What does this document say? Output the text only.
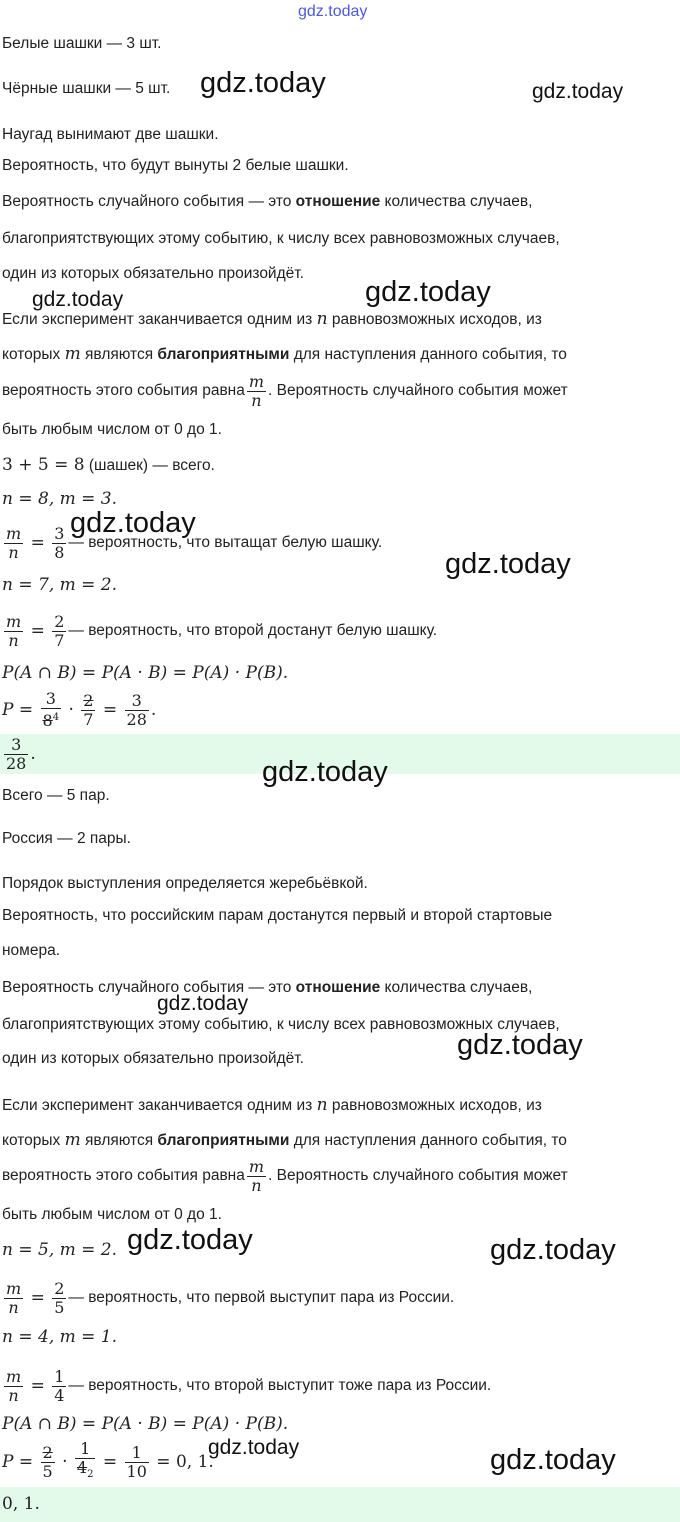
gdz.today
Белые шашки — 3 шт.
Чёрные шашки — 5 шт.
Наугад вынимают две шашки.
Вероятность, что будут вынуты 2 белые шашки.
Вероятность случайного события — это отношение количества случаев,
благоприятствующих этому событию, к числу всех равновозможных случаев,
один из которых обязательно произойдёт.
Если эксперимент заканчивается одним из n равновозможных исходов, из
которых m являются благоприятными для наступления данного события, то
вероятность этого события равна $\frac{m}{n}$ . Вероятность случайного события может
быть любым числом от 0 до 1.
3 + 5 = 8 (шашек) — всего.
n = 8, m = 3.
$\frac{m}{n} = \frac{3}{8}$ — вероятность, что вытащат белую шашку.
n = 7, m = 2.
$\frac{m}{n} = \frac{2}{7}$ — вероятность, что второй достанут белую шашку.
P(A ∩ B) = P(A · B) = P(A) · P(B).
$P = \frac{3}{8^4} \cdot \frac{2}{7} = \frac{3}{28}$ .
$\frac{3}{28}$ .
Всего — 5 пар.
Россия — 2 пары.
Порядок выступления определяется жеребьёвкой.
Вероятность, что российским парам достанутся первый и второй стартовые
номера.
Вероятность случайного события — это отношение количества случаев,
благоприятствующих этому событию, к числу всех равновозможных случаев,
один из которых обязательно произойдёт.
Если эксперимент заканчивается одним из n равновозможных исходов, из
которых m являются благоприятными для наступления данного события, то
вероятность этого события равна $\frac{m}{n}$ . Вероятность случайного события может
быть любым числом от 0 до 1.
n = 5, m = 2.
$\frac{m}{n} = \frac{2}{5}$ — вероятность, что первой выступит пара из России.
n = 4, m = 1.
$\frac{m}{n} = \frac{1}{4}$ — вероятность, что второй выступит тоже пара из России.
P(A ∩ B) = P(A · B) = P(A) · P(B).
$P = \frac{2}{5} \cdot \frac{1}{4_2} = \frac{1}{10} = 0$, 1.
0, 1.
gdz.today	gdz.today
gdz.today	gdz.today
gdz.today
gdz.today
gdz.today
gdz.today
gdz.today
gdz.today	gdz.today
gdz.today	gdz.today
